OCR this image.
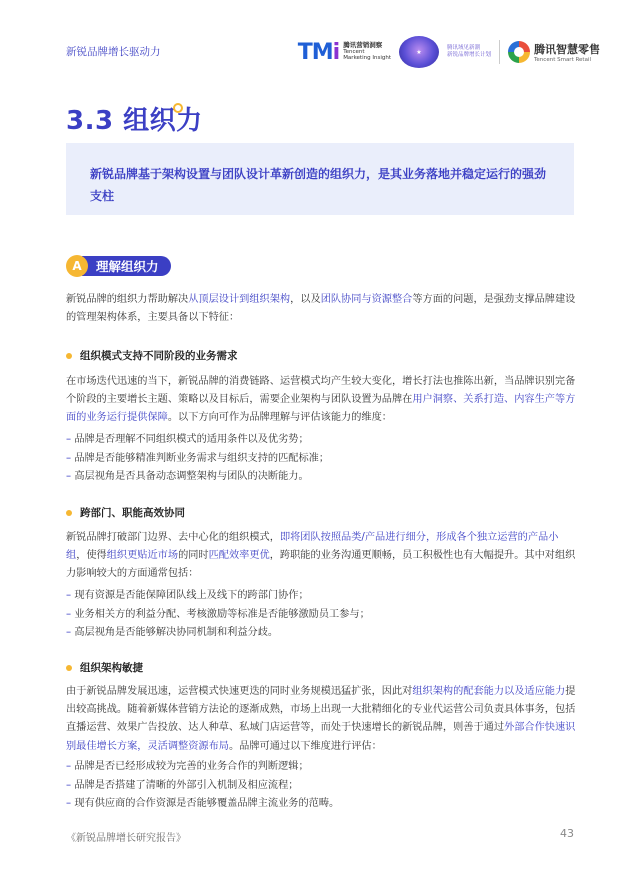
新锐品牌增长驱动力	TMi 腾讯营销洞察
Tencent
Marketing Insight
★
腾讯域见新潮
新锐品牌增长计划	腾讯智慧零售
Tencent Smart Retail
3.3 组织力

新锐品牌基于架构设置与团队设计革新创造的组织力，是其业务落地并稳定运行的强劲支柱

A	理解组织力

新锐品牌的组织力帮助解决从顶层设计到组织架构，以及团队协同与资源整合等方面的问题，是强劲支撑品牌建设的管理架构体系，主要具备以下特征：

组织模式支持不同阶段的业务需求

在市场迭代迅速的当下，新锐品牌的消费链路、运营模式均产生较大变化，增长打法也推陈出新，当品牌识别完备个阶段的主要增长主题、策略以及目标后，需要企业架构与团队设置为品牌在用户洞察、关系打造、内容生产等方面的业务运行提供保障。以下方向可作为品牌理解与评估该能力的维度：

– 品牌是否理解不同组织模式的适用条件以及优劣势；
– 品牌是否能够精准判断业务需求与组织支持的匹配标准；
– 高层视角是否具备动态调整架构与团队的决断能力。
跨部门、职能高效协同

新锐品牌打破部门边界、去中心化的组织模式，即将团队按照品类/产品进行细分，形成各个独立运营的产品小组，使得组织更贴近市场的同时匹配效率更优，跨职能的业务沟通更顺畅，员工积极性也有大幅提升。其中对组织力影响较大的方面通常包括：

– 现有资源是否能保障团队线上及线下的跨部门协作；
– 业务相关方的利益分配、考核激励等标准是否能够激励员工参与；
– 高层视角是否能够解决协同机制和利益分歧。
组织架构敏捷

由于新锐品牌发展迅速，运营模式快速更迭的同时业务规模迅猛扩张，因此对组织架构的配套能力以及适应能力提出较高挑战。随着新媒体营销方法论的逐渐成熟，市场上出现一大批精细化的专业代运营公司负责具体事务，包括直播运营、效果广告投放、达人种草、私域门店运营等，而处于快速增长的新锐品牌，则善于通过外部合作快速识别最佳增长方案，灵活调整资源布局。品牌可通过以下维度进行评估：

– 品牌是否已经形成较为完善的业务合作的判断逻辑；
– 品牌是否搭建了清晰的外部引入机制及相应流程；
– 现有供应商的合作资源是否能够覆盖品牌主流业务的范畴。
《新锐品牌增长研究报告》	43
